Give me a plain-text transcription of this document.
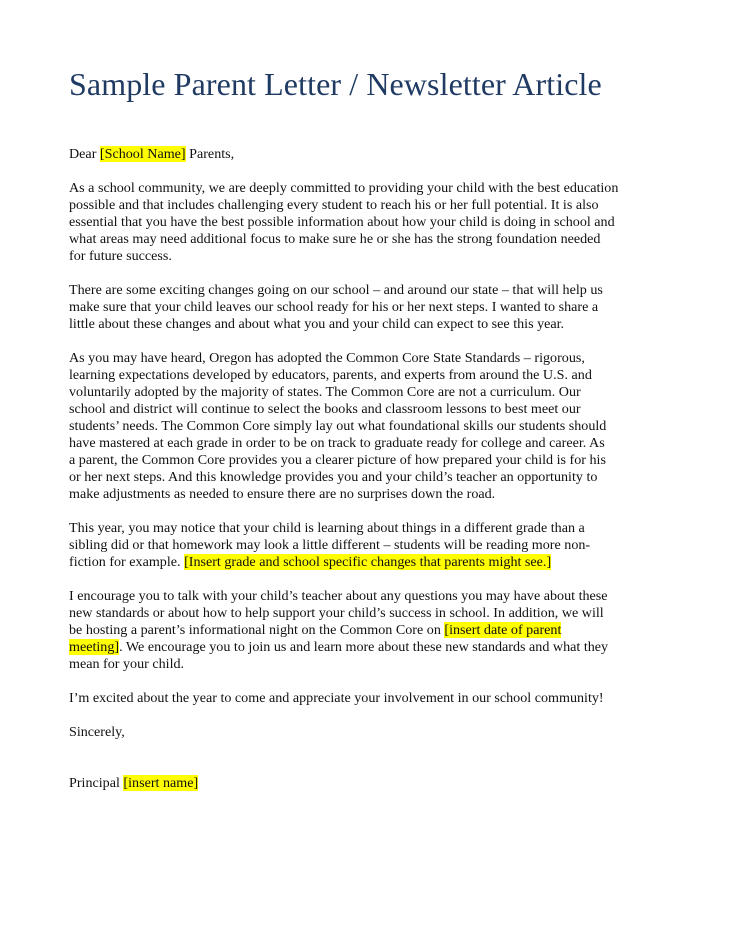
Sample Parent Letter / Newsletter Article
Dear [School Name] Parents,
As a school community, we are deeply committed to providing your child with the best education
possible and that includes challenging every student to reach his or her full potential. It is also
essential that you have the best possible information about how your child is doing in school and
what areas may need additional focus to make sure he or she has the strong foundation needed
for future success.
There are some exciting changes going on our school – and around our state – that will help us
make sure that your child leaves our school ready for his or her next steps. I wanted to share a
little about these changes and about what you and your child can expect to see this year.
As you may have heard, Oregon has adopted the Common Core State Standards – rigorous,
learning expectations developed by educators, parents, and experts from around the U.S. and
voluntarily adopted by the majority of states. The Common Core are not a curriculum. Our
school and district will continue to select the books and classroom lessons to best meet our
students’ needs. The Common Core simply lay out what foundational skills our students should
have mastered at each grade in order to be on track to graduate ready for college and career. As
a parent, the Common Core provides you a clearer picture of how prepared your child is for his
or her next steps. And this knowledge provides you and your child’s teacher an opportunity to
make adjustments as needed to ensure there are no surprises down the road.
This year, you may notice that your child is learning about things in a different grade than a
sibling did or that homework may look a little different – students will be reading more non-
fiction for example. [Insert grade and school specific changes that parents might see.]
I encourage you to talk with your child’s teacher about any questions you may have about these
new standards or about how to help support your child’s success in school. In addition, we will
be hosting a parent’s informational night on the Common Core on [insert date of parent
meeting]. We encourage you to join us and learn more about these new standards and what they
mean for your child.
I’m excited about the year to come and appreciate your involvement in our school community!
Sincerely,
Principal [insert name]
